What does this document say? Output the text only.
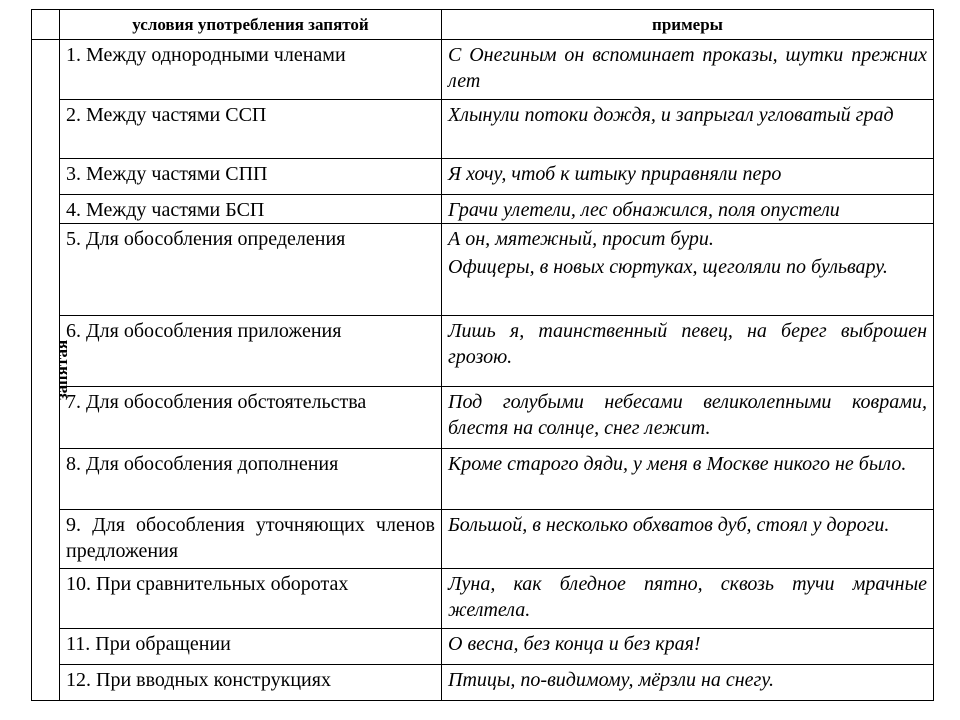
	условия употребления запятой	примеры
запятая	1. Между однородными членами	С Онегиным он вспоминает проказы, шутки прежних лет

	2. Между частями ССП	Хлынули потоки дождя, и запрыгал угловатый град

	3. Между частями СПП	Я хочу, чтоб к штыку приравняли перо

	4. Между частями БСП	Грачи улетели, лес обнажился, поля опустели

	5. Для обособления определения	А он, мятежный, просит бури.

Офицеры, в новых сюртуках, щеголяли по бульвару.

	6. Для обособления приложения	Лишь я, таинственный певец, на берег выброшен грозою.

	7. Для обособления обстоятельства	Под голубыми небесами великолепными коврами, блестя на солнце, снег лежит.

	8. Для обособления дополнения	Кроме старого дяди, у меня в Москве никого не было.

	9. Для обособления уточняющих членов предложения	Большой, в несколько обхватов дуб, стоял у дороги.

	10. При сравнительных оборотах	Луна, как бледное пятно, сквозь тучи мрачные желтела.

	11. При обращении	О весна, без конца и без края!

	12. При вводных конструкциях	Птицы, по-видимому, мёрзли на снегу.
